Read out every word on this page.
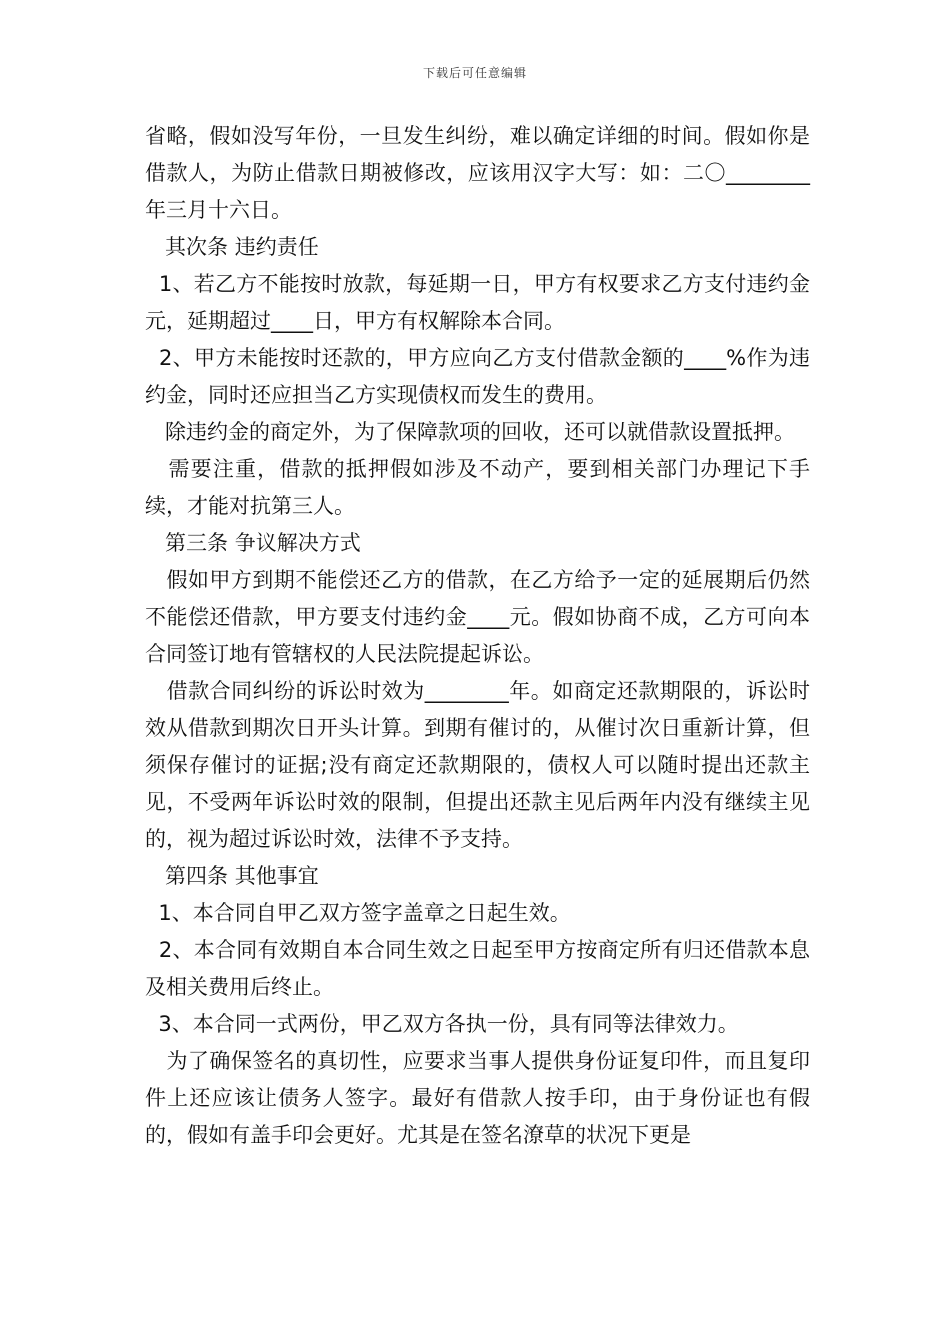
下载后可任意编辑

省略，假如没写年份，一旦发生纠纷，难以确定详细的时间。假如你是借款人，为防止借款日期被修改，应该用汉字大写：如：二〇________年三月十六日。

其次条 违约责任

1、若乙方不能按时放款，每延期一日，甲方有权要求乙方支付违约金 元，延期超过____日，甲方有权解除本合同。

2、甲方未能按时还款的，甲方应向乙方支付借款金额的____%作为违约金，同时还应担当乙方实现债权而发生的费用。

除违约金的商定外，为了保障款项的回收，还可以就借款设置抵押。

需要注重，借款的抵押假如涉及不动产，要到相关部门办理记下手续，才能对抗第三人。

第三条 争议解决方式

假如甲方到期不能偿还乙方的借款，在乙方给予一定的延展期后仍然不能偿还借款，甲方要支付违约金____元。假如协商不成，乙方可向本合同签订地有管辖权的人民法院提起诉讼。

借款合同纠纷的诉讼时效为________年。如商定还款期限的，诉讼时效从借款到期次日开头计算。到期有催讨的，从催讨次日重新计算，但须保存催讨的证据;没有商定还款期限的，债权人可以随时提出还款主见，不受两年诉讼时效的限制，但提出还款主见后两年内没有继续主见的，视为超过诉讼时效，法律不予支持。

第四条 其他事宜

1、本合同自甲乙双方签字盖章之日起生效。

2、本合同有效期自本合同生效之日起至甲方按商定所有归还借款本息及相关费用后终止。

3、本合同一式两份，甲乙双方各执一份，具有同等法律效力。

为了确保签名的真切性，应要求当事人提供身份证复印件，而且复印件上还应该让债务人签字。最好有借款人按手印，由于身份证也有假的，假如有盖手印会更好。尤其是在签名潦草的状况下更是
